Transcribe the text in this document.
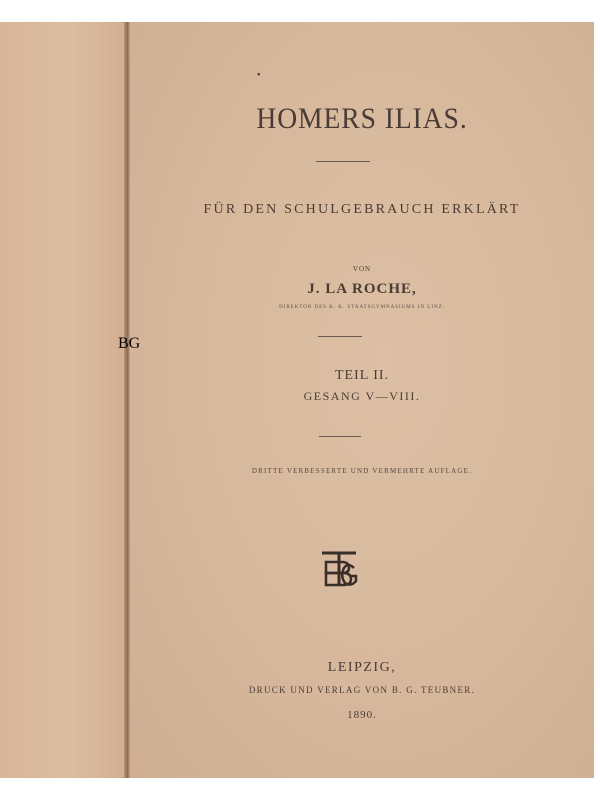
•
HOMERS ILIAS.
FÜR DEN SCHULGEBRAUCH ERKLÄRT
VON
J. LA ROCHE,
DIREKTOR DES K. K. STAATSGYMNASIUMS IN LINZ.
TEIL II.
GESANG V—VIII.
DRITTE VERBESSERTE UND VERMEHRTE AUFLAGE.
BG
LEIPZIG,
DRUCK UND VERLAG VON B. G. TEUBNER.
1890.
